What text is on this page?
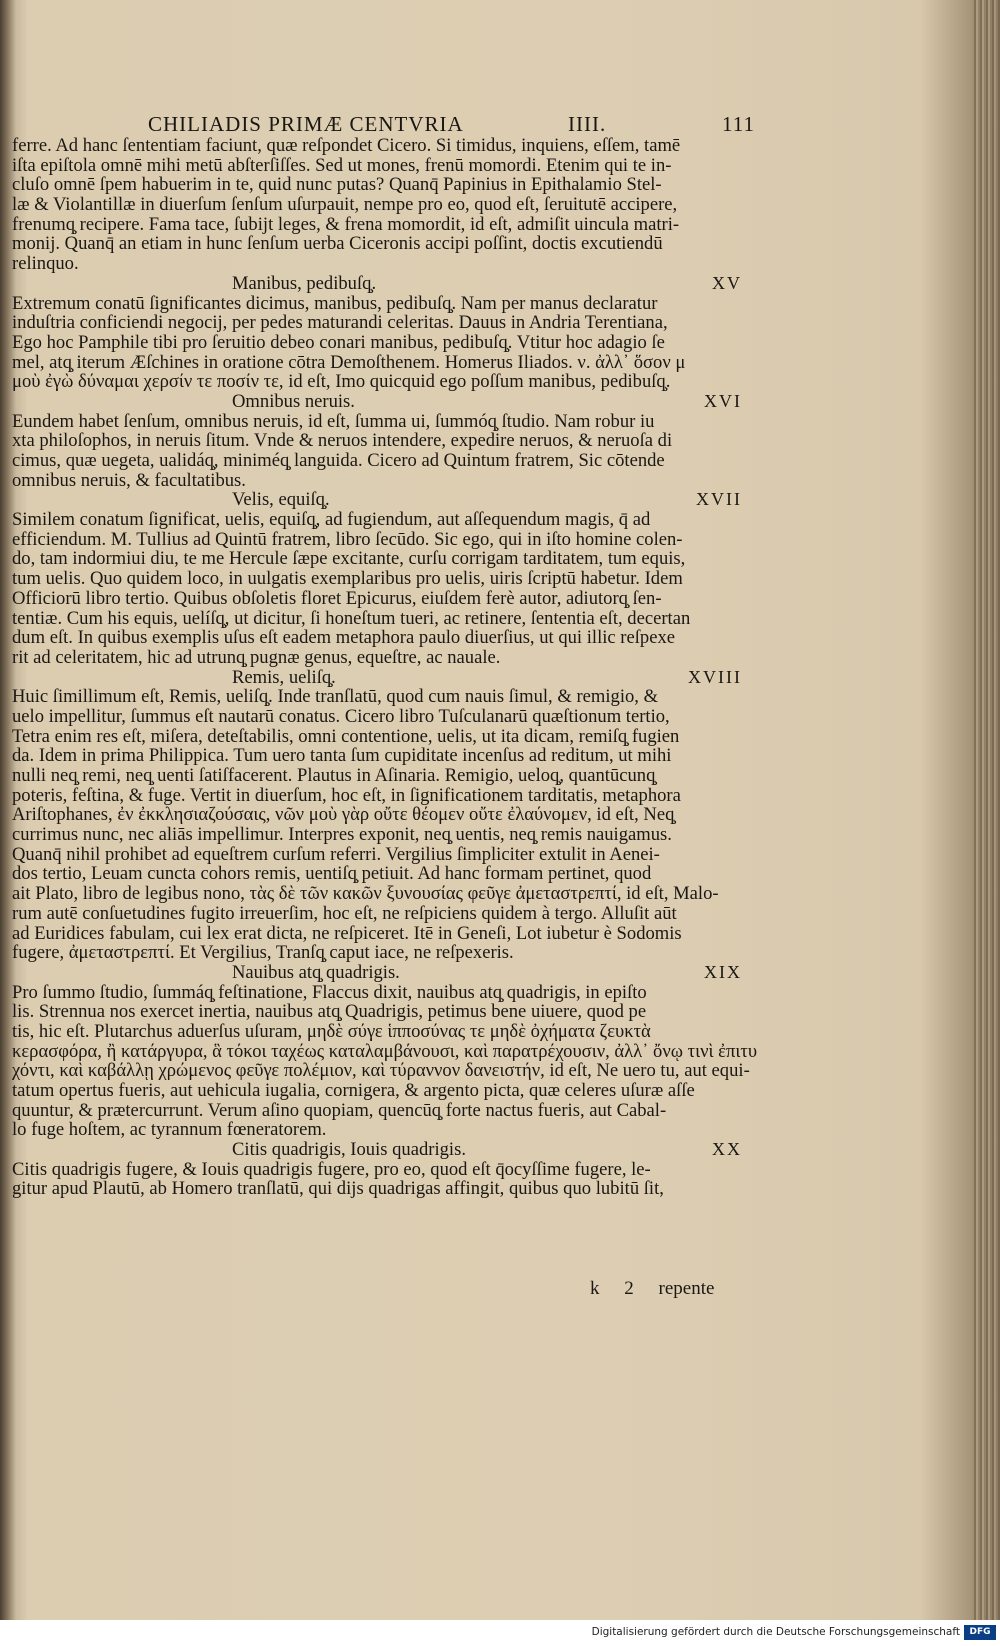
CHILIADIS PRIMÆ CENTVRIA	IIII.	111
ferre. Ad hanc ſententiam faciunt, quæ reſpondet Cicero. Si timidus, inquiens, eſſem, tamē
iſta epiſtola omnē mihi metū abſterſiſſes. Sed ut mones, frenū momordi. Etenim qui te in‑
cluſo omnē ſpem habuerim in te, quid nunc putas? Quanq̄ Papinius in Epithalamio Stel‑
læ & Violantillæ in diuerſum ſenſum uſurpauit, nempe pro eo, quod eſt, ſeruitutē accipere,
frenumq̧ recipere. Fama tace, ſubijt leges, & frena momordit, id eſt, admiſit uincula matri‑
monij. Quanq̄ an etiam in hunc ſenſum uerba Ciceronis accipi poſſint, doctis excutiendū
relinquo.
Manibus, pedibuſq̧.	XV
Extremum conatū ſignificantes dicimus, manibus, pedibuſq̧. Nam per manus declaratur
induſtria conficiendi negocij, per pedes maturandi celeritas. Dauus in Andria Terentiana,
Ego hoc Pamphile tibi pro ſeruitio debeo conari manibus, pedibuſq̧. Vtitur hoc adagio ſe
mel, atq̧ iterum Æſchines in oratione cōtra Demoſthenem. Homerus Iliados. ν. ἀλλ᾽ ὅσον μ
μοὺ ἐγὼ δύναμαι χερσίν τε ποσίν τε, id eſt, Imo quicquid ego poſſum manibus, pedibuſq̧.
Omnibus neruis.	XVI
Eundem habet ſenſum, omnibus neruis, id eſt, ſumma ui, ſummóq̧ ſtudio. Nam robur iu
xta philoſophos, in neruis ſitum. Vnde & neruos intendere, expedire neruos, & neruoſa di
cimus, quæ uegeta, ualidáq̧, miniméq̧ languida. Cicero ad Quintum fratrem, Sic cōtende
omnibus neruis, & facultatibus.
Velis, equiſq̧.	XVII
Similem conatum ſignificat, uelis, equiſq̧, ad fugiendum, aut aſſequendum magis, q̄ ad
efficiendum. M. Tullius ad Quintū fratrem, libro ſecūdo. Sic ego, qui in iſto homine colen‑
do, tam indormiui diu, te me Hercule ſæpe excitante, curſu corrigam tarditatem, tum equis,
tum uelis. Quo quidem loco, in uulgatis exemplaribus pro uelis, uiris ſcriptū habetur. Idem
Officiorū libro tertio. Quibus obſoletis floret Epicurus, eiuſdem ferè autor, adiutorq̧ ſen‑
tentiæ. Cum his equis, uelíſq̧, ut dicitur, ſi honeſtum tueri, ac retinere, ſententia eſt, decertan
dum eſt. In quibus exemplis uſus eſt eadem metaphora paulo diuerſius, ut qui illic reſpexe
rit ad celeritatem, hic ad utrunq̧ pugnæ genus, equeſtre, ac nauale.
Remis, ueliſq̧.	XVIII
Huic ſimillimum eſt, Remis, ueliſq̧. Inde tranſlatū, quod cum nauis ſimul, & remigio, &
uelo impellitur, ſummus eſt nautarū conatus. Cicero libro Tuſculanarū quæſtionum tertio,
Tetra enim res eſt, miſera, deteſtabilis, omni contentione, uelis, ut ita dicam, remiſq̧ fugien
da. Idem in prima Philippica. Tum uero tanta ſum cupiditate incenſus ad reditum, ut mihi
nulli neq̧ remi, neq̧ uenti ſatiſfacerent. Plautus in Aſinaria. Remigio, ueloq̧, quantūcunq̧
poteris, feſtina, & fuge. Vertit in diuerſum, hoc eſt, in ſignificationem tarditatis, metaphora
Ariſtophanes, ἐν ἐκκλησιαζούσαις, νῶν μοὺ γὰρ οὔτε θέομεν οὔτε ἐλαύνομεν, id eſt, Neq̧
currimus nunc, nec aliās impellimur. Interpres exponit, neq̧ uentis, neq̧ remis nauigamus.
Quanq̄ nihil prohibet ad equeſtrem curſum referri. Vergilius ſimpliciter extulit in Aenei‑
dos tertio, Leuam cuncta cohors remis, uentiſq̧ petiuit. Ad hanc formam pertinet, quod
ait Plato, libro de legibus nono, τὰς δὲ τῶν κακῶν ξυνουσίας φεῦγε ἀμεταστρεπτί, id eſt, Malo‑
rum autē conſuetudines fugito irreuerſim, hoc eſt, ne reſpiciens quidem à tergo. Alluſit aūt
ad Euridices fabulam, cui lex erat dicta, ne reſpiceret. Itē in Geneſi, Lot iubetur è Sodomis
fugere, ἀμεταστρεπτί. Et Vergilius, Tranſq̧ caput iace, ne reſpexeris.
Nauibus atq̧ quadrigis.	XIX
Pro ſummo ſtudio, ſummáq̧ feſtinatione, Flaccus dixit, nauibus atq̧ quadrigis, in epiſto
lis. Strennua nos exercet inertia, nauibus atq̧ Quadrigis, petimus bene uiuere, quod pe
tis, hic eſt. Plutarchus aduerſus uſuram, μηδὲ σύγε ἱπποσύνας τε μηδὲ ὀχήματα ζευκτὰ
κερασφόρα, ἢ κατάργυρα, ἃ τόκοι ταχέως καταλαμβάνουσι, καὶ παρατρέχουσιν, ἀλλ᾽ ὄνῳ τινὶ ἐπιτυ
χόντι, καὶ καβάλλῃ χρώμενος φεῦγε πολέμιον, καὶ τύραννον δανειστήν, id eſt, Ne uero tu, aut equi‑
tatum opertus fueris, aut uehicula iugalia, cornigera, & argento picta, quæ celeres uſuræ aſſe
quuntur, & prætercurrunt. Verum aſino quopiam, quencūq̧ forte nactus fueris, aut Cabal‑
lo fuge hoſtem, ac tyrannum fœneratorem.
Citis quadrigis, Iouis quadrigis.	XX
Citis quadrigis fugere, & Iouis quadrigis fugere, pro eo, quod eſt q̄ocyſſime fugere, le‑
gitur apud Plautū, ab Homero tranſlatū, qui dijs quadrigas affingit, quibus quo lubitū ſit,
k 2 repente
Digitalisierung gefördert durch die Deutsche Forschungsgemeinschaft	DFG
